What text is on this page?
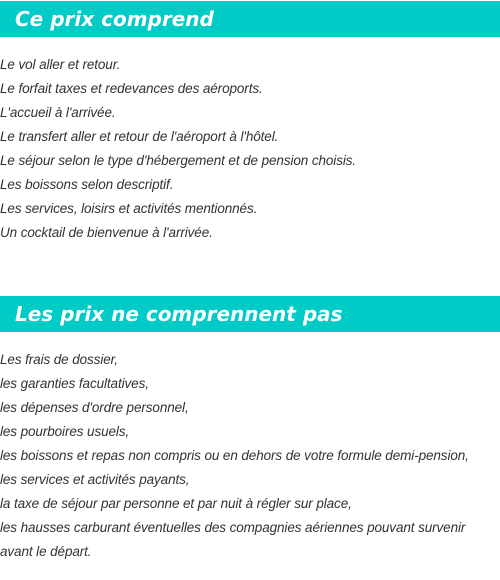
Ce prix comprend
Le vol aller et retour.
Le forfait taxes et redevances des aéroports.
L'accueil à l'arrivée.
Le transfert aller et retour de l'aéroport à l'hôtel.
Le séjour selon le type d'hébergement et de pension choisis.
Les boissons selon descriptif.
Les services, loisirs et activités mentionnés.
Un cocktail de bienvenue à l'arrivée.
Les prix ne comprennent pas
Les frais de dossier,
les garanties facultatives,
les dépenses d'ordre personnel,
les pourboires usuels,
les boissons et repas non compris ou en dehors de votre formule demi-pension,
les services et activités payants,
la taxe de séjour par personne et par nuit à régler sur place,
les hausses carburant éventuelles des compagnies aériennes pouvant survenir avant le départ.
